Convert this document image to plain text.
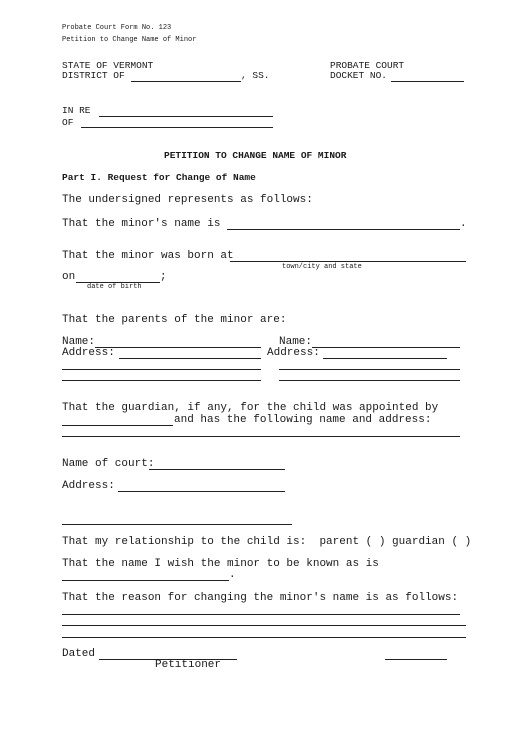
Probate Court Form No. 123
Petition to Change Name of Minor
STATE OF VERMONT	PROBATE COURT
DISTRICT OF	, SS.	DOCKET NO.
IN RE
OF
PETITION TO CHANGE NAME OF MINOR
Part I. Request for Change of Name
The undersigned represents as follows:
That the minor's name is	.
That the minor was born at
town/city and state
on	;
date of birth
That the parents of the minor are:
Name:	Name:
Address:	Address:
That the guardian, if any, for the child was appointed by
and has the following name and address:
Name of court:
Address:
That my relationship to the child is:  parent ( ) guardian ( )
That the name I wish the minor to be known as is
.
That the reason for changing the minor's name is as follows:
Dated
Petitioner
